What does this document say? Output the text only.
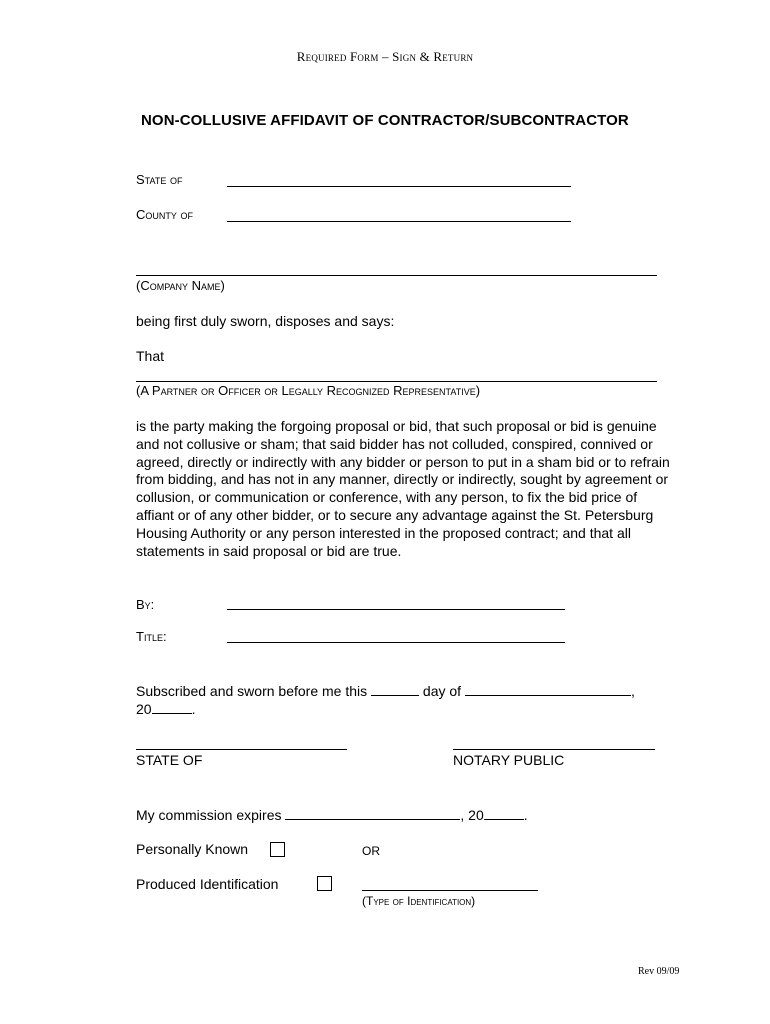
Required Form – Sign & Return
NON-COLLUSIVE AFFIDAVIT OF CONTRACTOR/SUBCONTRACTOR
State of
County of
(Company Name)
being first duly sworn, disposes and says:
That
(A Partner or Officer or Legally Recognized Representative)
is the party making the forgoing proposal or bid, that such proposal or bid is genuine and not collusive or sham; that said bidder has not colluded, conspired, connived or agreed, directly or indirectly with any bidder or person to put in a sham bid or to refrain from bidding, and has not in any manner, directly or indirectly, sought by agreement or collusion, or communication or conference, with any person, to fix the bid price of affiant or of any other bidder, or to secure any advantage against the St. Petersburg Housing Authority or any person interested in the proposed contract; and that all statements in said proposal or bid are true.
By:
Title:
Subscribed and sworn before me this	day of	,
20	.
STATE OF	NOTARY PUBLIC
My commission expires	, 20	.
Personally Known	OR
Produced Identification
(Type of Identification)
Rev 09/09
